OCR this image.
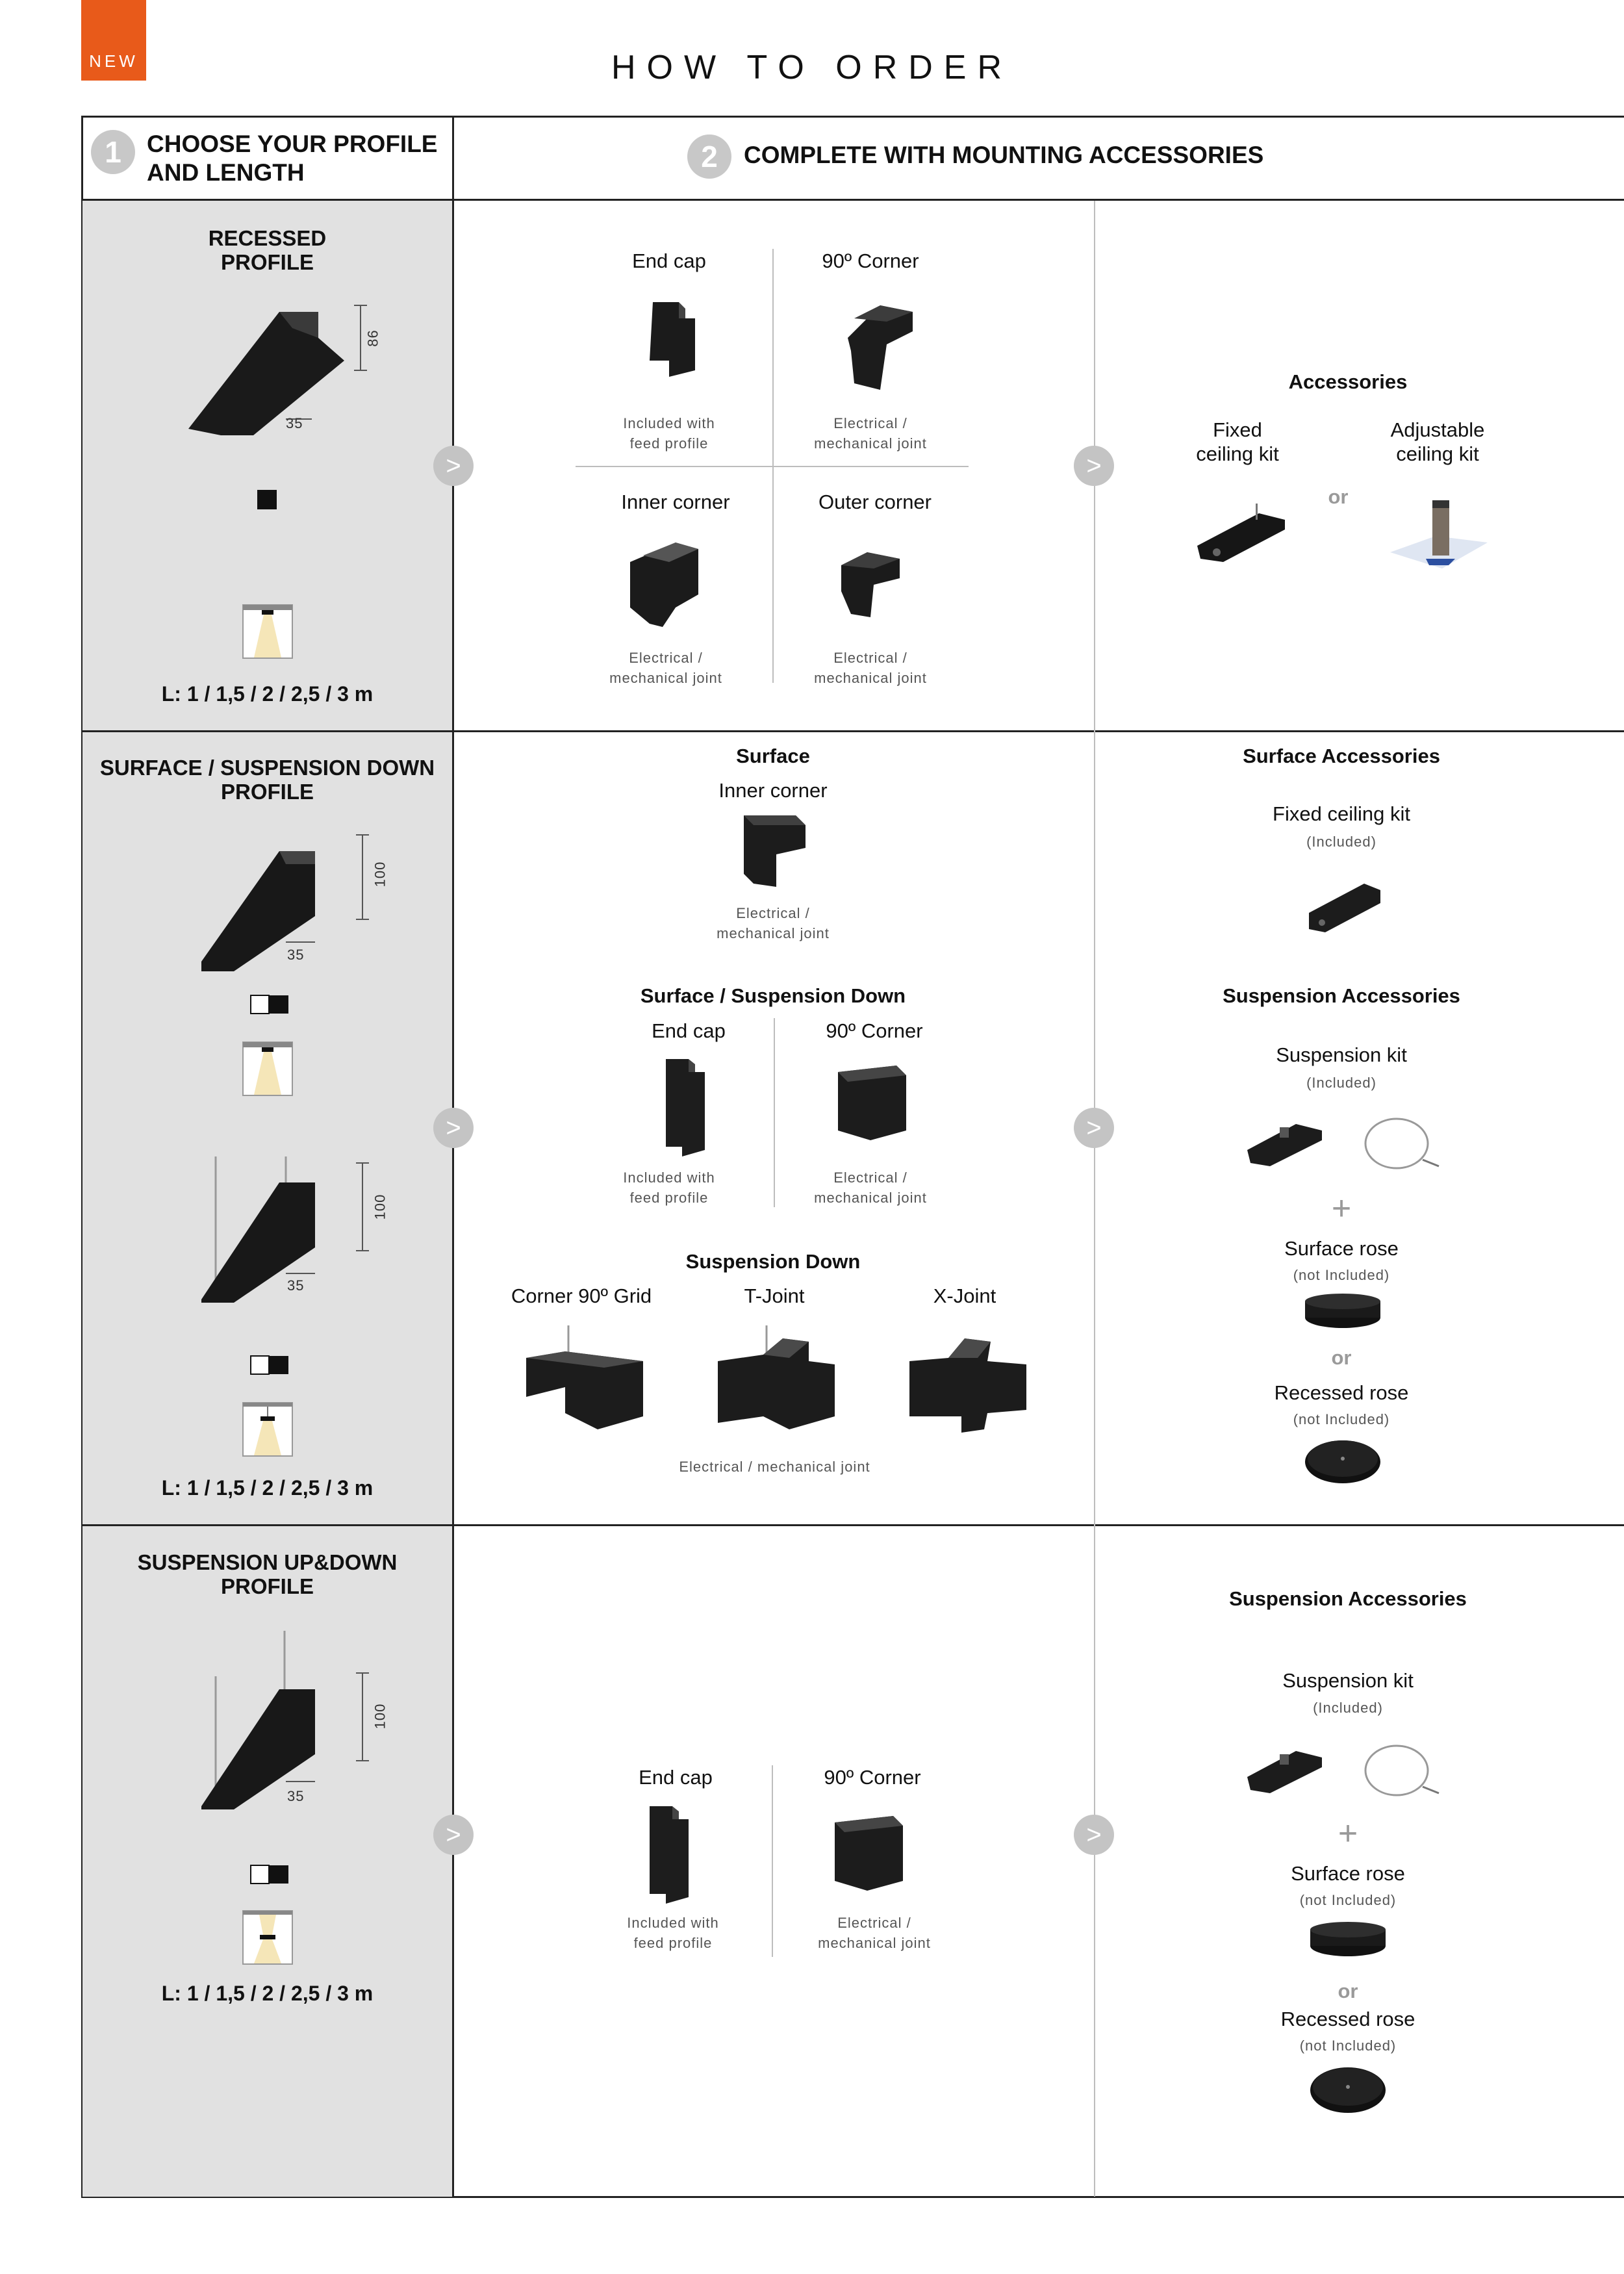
NEW	HOW TO ORDER
1	CHOOSE YOUR PROFILE
AND LENGTH	2	COMPLETE WITH MOUNTING ACCESSORIES
>	>
>	>
>	>
RECESSED
PROFILE
86
35
L: 1 / 1,5 / 2 / 2,5 / 3 m
End cap
Included with
feed profile
90º Corner
Electrical /
mechanical joint
Inner corner
Electrical /
mechanical joint
Outer corner
Electrical /
mechanical joint
Accessories
Fixed
ceiling kit
Adjustable
ceiling kit
or
SURFACE / SUSPENSION DOWN
PROFILE
100
35
100
35
L: 1 / 1,5 / 2 / 2,5 / 3 m
Surface
Inner corner
Electrical /
mechanical joint
Surface / Suspension Down
End cap
Included with
feed profile
90º Corner
Electrical /
mechanical joint
Suspension Down
Corner 90º Grid	T-Joint	X-Joint
Electrical / mechanical joint
Surface Accessories
Fixed ceiling kit
(Included)
Suspension Accessories
Suspension kit
(Included)
+
Surface rose
(not Included)
or
Recessed rose
(not Included)
SUSPENSION UP&DOWN
PROFILE
100
35
L: 1 / 1,5 / 2 / 2,5 / 3 m
End cap
Included with
feed profile
90º Corner
Electrical /
mechanical joint
Suspension Accessories
Suspension kit
(Included)
+
Surface rose
(not Included)
or
Recessed rose
(not Included)
